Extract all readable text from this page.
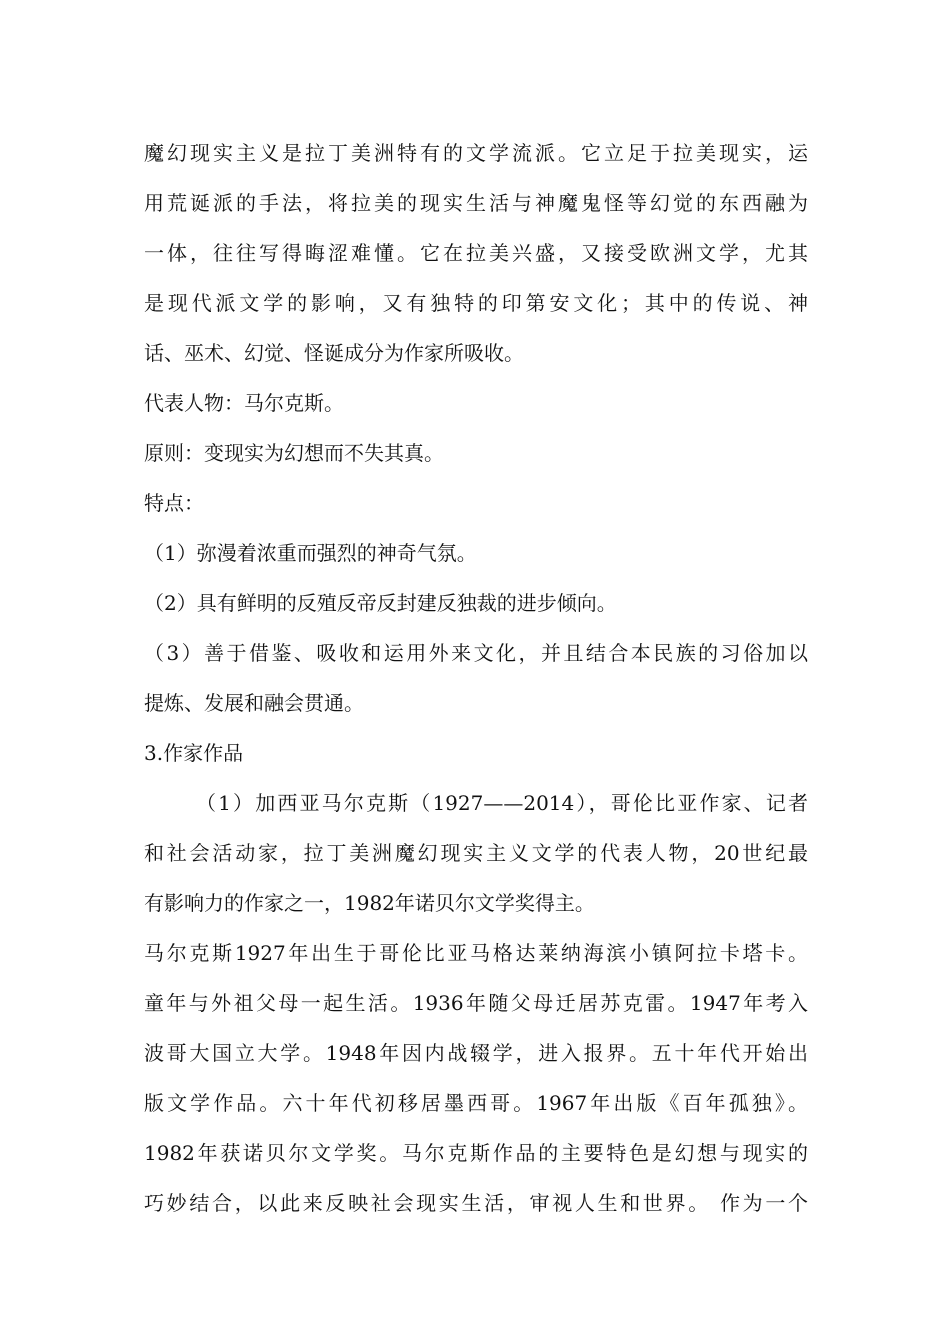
魔幻现实主义是拉丁美洲特有的文学流派。它立足于拉美现实，运
用荒诞派的手法，将拉美的现实生活与神魔鬼怪等幻觉的东西融为
一体，往往写得晦涩难懂。它在拉美兴盛，又接受欧洲文学，尤其
是现代派文学的影响，又有独特的印第安文化；其中的传说、神
话、巫术、幻觉、怪诞成分为作家所吸收。
代表人物：马尔克斯。
原则：变现实为幻想而不失其真。
特点：
（1）弥漫着浓重而强烈的神奇气氛。
（2）具有鲜明的反殖反帝反封建反独裁的进步倾向。
（3）善于借鉴、吸收和运用外来文化，并且结合本民族的习俗加以
提炼、发展和融会贯通。
3.作家作品
（1）加西亚马尔克斯（1927——2014），哥伦比亚作家、记者
和社会活动家，拉丁美洲魔幻现实主义文学的代表人物，20世纪最
有影响力的作家之一，1982年诺贝尔文学奖得主。
马尔克斯1927年出生于哥伦比亚马格达莱纳海滨小镇阿拉卡塔卡。
童年与外祖父母一起生活。1936年随父母迁居苏克雷。1947年考入
波哥大国立大学。1948年因内战辍学，进入报界。五十年代开始出
版文学作品。六十年代初移居墨西哥。1967年出版《百年孤独》。
1982年获诺贝尔文学奖。马尔克斯作品的主要特色是幻想与现实的
巧妙结合，以此来反映社会现实生活，审视人生和世界。 作为一个
